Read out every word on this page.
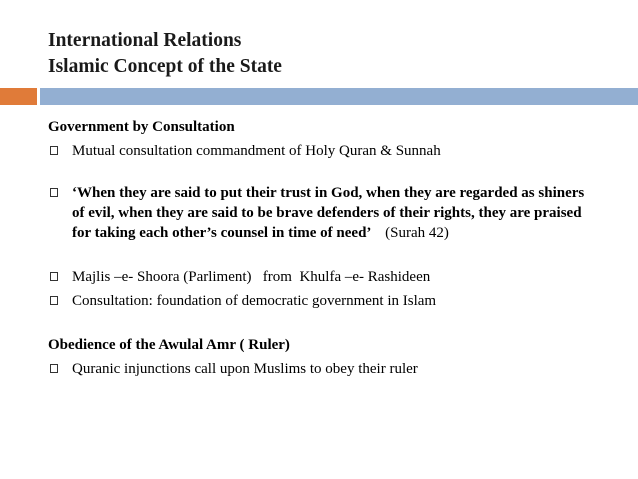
International Relations
Islamic Concept of the State

Government by Consultation

Mutual consultation commandment of Holy Quran & Sunnah
‘When they are said to put their trust in God, when they are regarded as shiners of evil, when they are said to be brave defenders of their rights, they are praised for taking each other’s counsel in time of need’ (Surah 42)
Majlis –e- Shoora (Parliment)   from  Khulfa –e- Rashideen
Consultation: foundation of democratic government in Islam

Obedience of the Awulal Amr ( Ruler)

Quranic injunctions call upon Muslims to obey their ruler
